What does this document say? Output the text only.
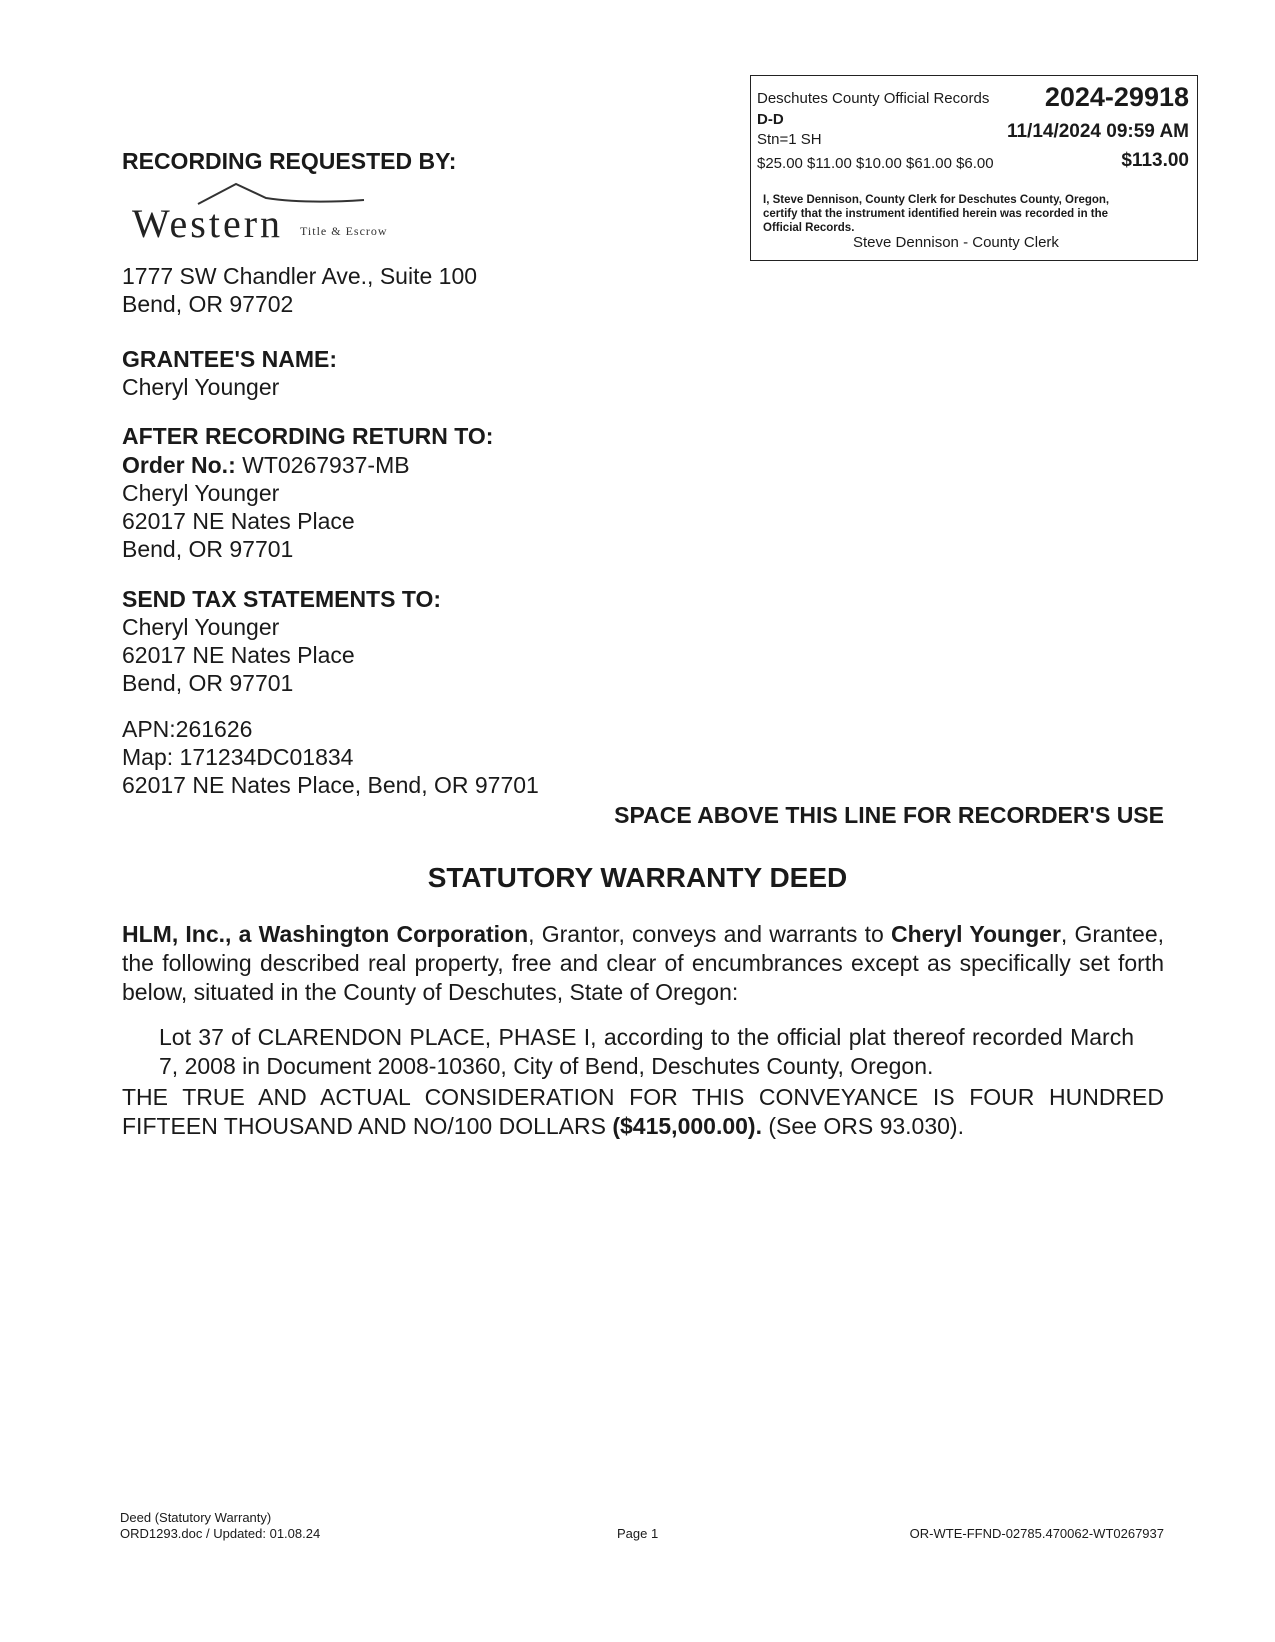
Deschutes County Official Records 2024-29918
D-D
Stn=1 SH	11/14/2024 09:59 AM
$25.00 $11.00 $10.00 $61.00 $6.00	$113.00
I, Steve Dennison, County Clerk for Deschutes County, Oregon, certify that the instrument identified herein was recorded in the Official Records.
Steve Dennison - County Clerk
RECORDING REQUESTED BY:
Western Title & Escrow
1777 SW Chandler Ave., Suite 100
Bend, OR 97702
GRANTEE'S NAME:
Cheryl Younger
AFTER RECORDING RETURN TO:
Order No.: WT0267937-MB
Cheryl Younger
62017 NE Nates Place
Bend, OR 97701
SEND TAX STATEMENTS TO:
Cheryl Younger
62017 NE Nates Place
Bend, OR 97701
APN:261626
Map: 171234DC01834
62017 NE Nates Place, Bend, OR 97701
SPACE ABOVE THIS LINE FOR RECORDER'S USE
STATUTORY WARRANTY DEED
HLM, Inc., a Washington Corporation, Grantor, conveys and warrants to Cheryl Younger, Grantee, the following described real property, free and clear of encumbrances except as specifically set forth below, situated in the County of Deschutes, State of Oregon:
Lot 37 of CLARENDON PLACE, PHASE I, according to the official plat thereof recorded March 7, 2008 in Document 2008-10360, City of Bend, Deschutes County, Oregon.
THE TRUE AND ACTUAL CONSIDERATION FOR THIS CONVEYANCE IS FOUR HUNDRED FIFTEEN THOUSAND AND NO/100 DOLLARS ($415,000.00). (See ORS 93.030).
Deed (Statutory Warranty)
ORD1293.doc / Updated: 01.08.24	Page 1	OR-WTE-FFND-02785.470062-WT0267937
